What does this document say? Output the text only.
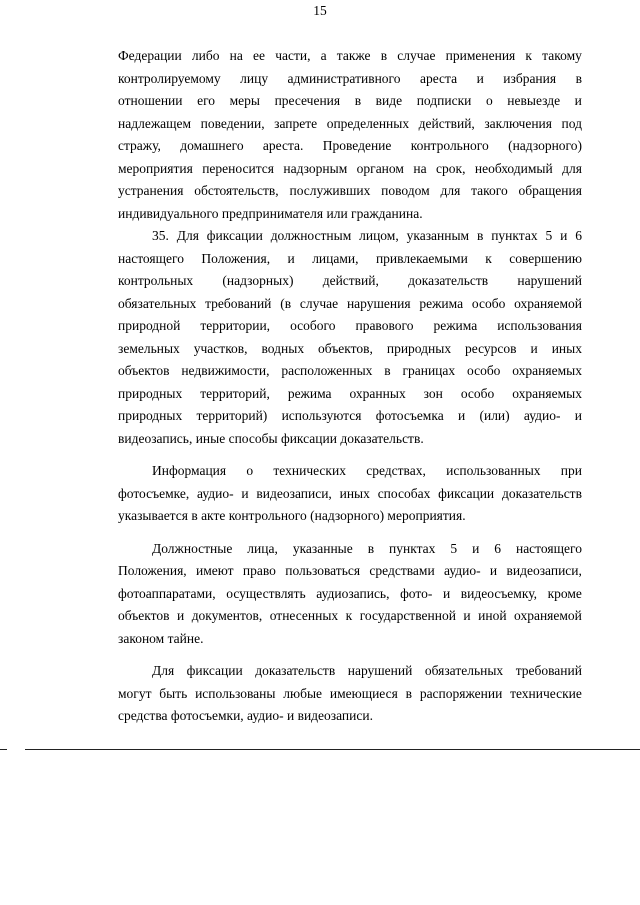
15
Федерации либо на ее части, а также в случае применения к такому
контролируемому лицу административного ареста и избрания в
отношении его меры пресечения в виде подписки о невыезде и
надлежащем поведении, запрете определенных действий, заключения под
стражу, домашнего ареста. Проведение контрольного (надзорного)
мероприятия переносится надзорным органом на срок, необходимый для
устранения обстоятельств, послуживших поводом для такого обращения
индивидуального предпринимателя или гражданина.
35. Для фиксации должностным лицом, указанным в пунктах 5 и 6
настоящего Положения, и лицами, привлекаемыми к совершению
контрольных (надзорных) действий, доказательств нарушений
обязательных требований (в случае нарушения режима особо охраняемой
природной территории, особого правового режима использования
земельных участков, водных объектов, природных ресурсов и иных
объектов недвижимости, расположенных в границах особо охраняемых
природных территорий, режима охранных зон особо охраняемых
природных территорий) используются фотосъемка и (или) аудио- и
видеозапись, иные способы фиксации доказательств.
Информация о технических средствах, использованных при
фотосъемке, аудио- и видеозаписи, иных способах фиксации доказательств
указывается в акте контрольного (надзорного) мероприятия.
Должностные лица, указанные в пунктах 5 и 6 настоящего
Положения, имеют право пользоваться средствами аудио- и видеозаписи,
фотоаппаратами, осуществлять аудиозапись, фото- и видеосъемку, кроме
объектов и документов, отнесенных к государственной и иной охраняемой
законом тайне.
Для фиксации доказательств нарушений обязательных требований
могут быть использованы любые имеющиеся в распоряжении технические
средства фотосъемки, аудио- и видеозаписи.
